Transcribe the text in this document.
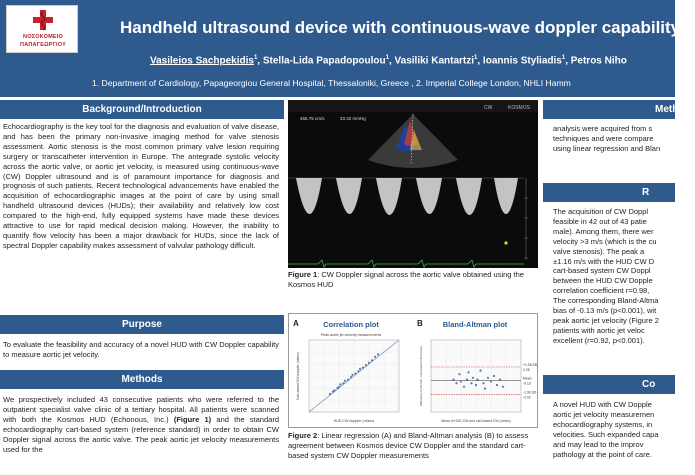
ΝΟΣΟΚΟΜΕΙΟ
ΠΑΠΑΓΕΩΡΓΙΟΥ
Handheld ultrasound device with continuous-wave doppler capability: i
Vasileios Sachpekidis$^1$, Stella-Lida Papadopoulou$^1$, Vasiliki Kantartzi$^1$, Ioannis Styliadis$^1$, Petros Niho
1. Department of Cardiology, Papageorgiou General Hospital, Thessaloniki, Greece , 2. Imperial College London, NHLI Hamm
Background/Introduction
Echocardiography is the key tool for the diagnosis and evaluation of valve disease, and has been the primary non-invasive imaging method for valve stenosis assessment. Aortic stenosis is the most common primary valve lesion requiring surgery or transcatheter intervention in Europe. The antegrade systolic velocity across the aortic valve, or aortic jet velocity, is measured using continuous-wave (CW) Doppler ultrasound and is of paramount importance for diagnosis and prognosis of such patients. Recent technological advancements have enabled the acquisition of echocardiographic images at the point of care by using small handheld ultrasound devices (HUDs); their availability and relatively low cost compared to the high-end, fully equipped systems have made these devices attractive to use for rapid medical decision making. However, the inability to quantify flow velocity has been a major drawback for HUDs, since the lack of spectral Doppler capability makes assessment of valvular pathology difficult.
Purpose
To evaluate the feasibility and accuracy of a novel HUD with CW Doppler capability to measure aortic jet velocity.
Methods
We prospectively included 43 consecutive patients who were referred to the outpatient specialist valve clinic of a tertiary hospital. All patients were scanned with both the Kosmos HUD (Echonous, Inc.) (Figure 1) and the standard echocardiography cart-based system (reference standard) in order to obtain CW Doppler signal across the aortic valve. The peak aortic jet velocity measurements used for the
KOSMOS
CW
466.75 cm/s	33.32 mmHg
Figure 1: CW Doppler signal across the aortic valve obtained using the Kosmos HUD
A	Correlation plot
Peak aortic jet velocity measurements
HUD CW doppler (m/sec)
Cart-based CW doppler (m/sec)
B	Bland-Altman plot
+1.96 SD
0.25
Mean
-0.13
-1.96 SD
-0.52
Mean of HUD CW and cart-based CW (m/sec)
Difference HUD CW - cart-based CW (m/sec)
Figure 2: Linear regression (A) and Bland-Altman analysis (B) to assess agreement between Kosmos device CW Doppler and the standard cart-based system CW Doppler measurements
Metho
analysis were acquired from s
techniques and were compare
using linear regression and Blan
R
The acquisition of CW Doppl
feasible in 42 out of 43 patie
male). Among them, there wer
velocity >3 m/s (which is the cu
valve stenosis). The peak a
±1.16 m/s with the HUD CW D
cart-based system CW Doppl
between the HUD CW Dopple
correlation coefficient r=0.98,
The corresponding Bland-Altma
bias of -0.13 m/s (p<0.001), wit
peak aortic jet velocity (Figure 2
patients with aortic jet veloc
excellent (r=0.92, p<0.001).
Co
A novel HUD with CW Dopple
aortic jet velocity measuremen
echocardiography systems, in
velocities. Such expanded capa
and may lead to the improv
pathology at the point of care.
